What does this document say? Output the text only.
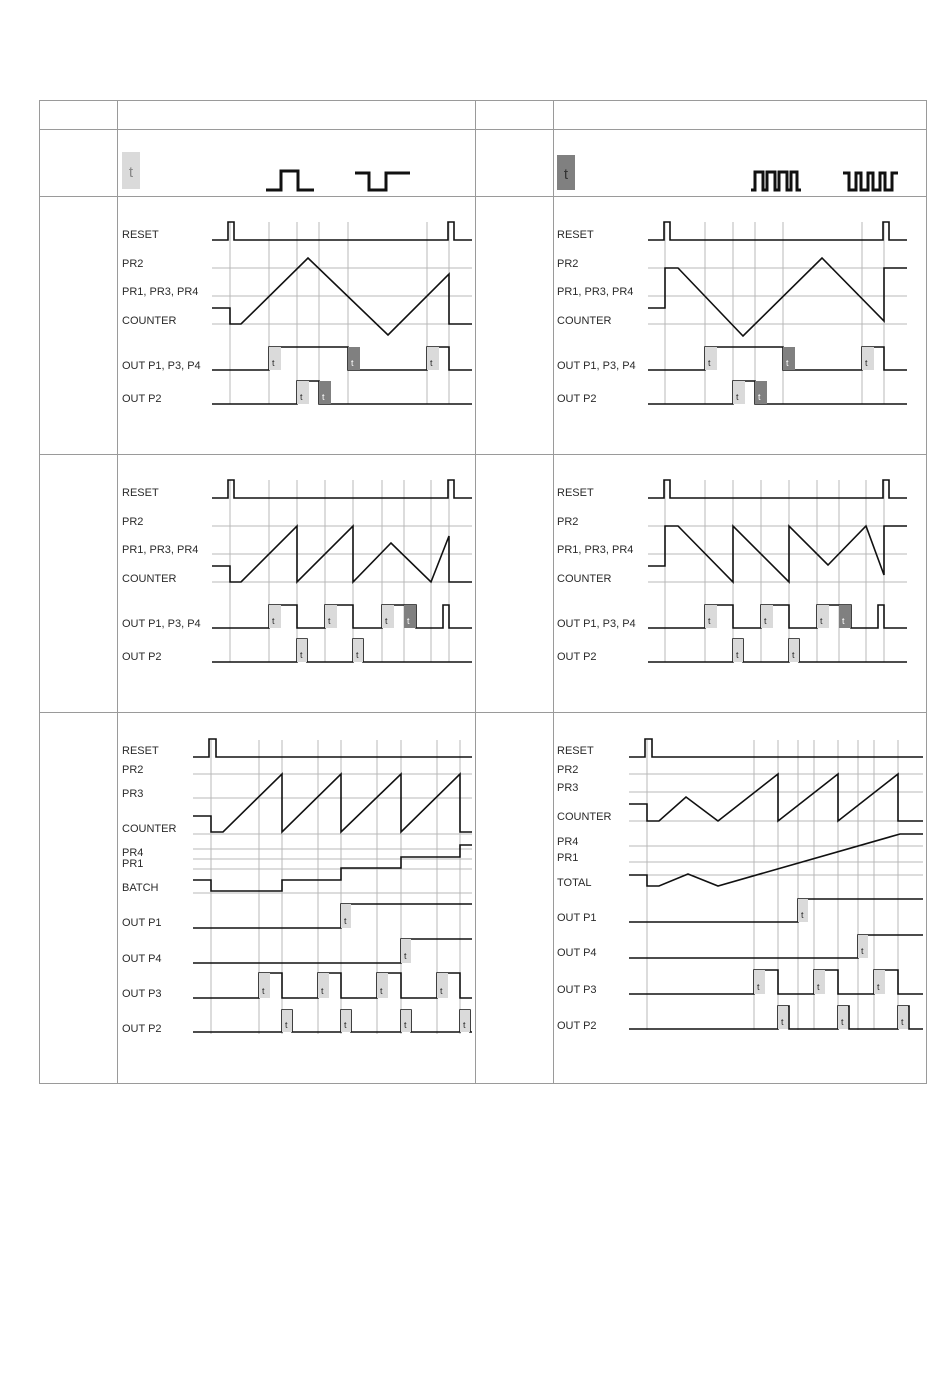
t	t
RESET
PR2
PR1, PR3, PR4
COUNTER
OUT P1, P3, P4
OUT P2
t	t	t
t t
RESET
PR2
PR1, PR3, PR4
COUNTER
OUT P1, P3, P4
OUT P2
t	t	t
t t
RESET
PR2
PR1, PR3, PR4
COUNTER
OUT P1, P3, P4
OUT P2
t	t	t t
t	t
RESET
PR2
PR1, PR3, PR4
COUNTER
OUT P1, P3, P4
OUT P2
t	t	t t
t	t
RESET
PR2
PR3
COUNTER
PR4
PR1
BATCH
OUT P1
OUT P4
OUT P3
OUT P2
t
t
t	t	t	t
t	t	t	t
RESET
PR2
PR3
COUNTER
PR4
PR1
TOTAL
OUT P1
OUT P4
OUT P3
OUT P2
t
t
t	t	t
t	t	t
